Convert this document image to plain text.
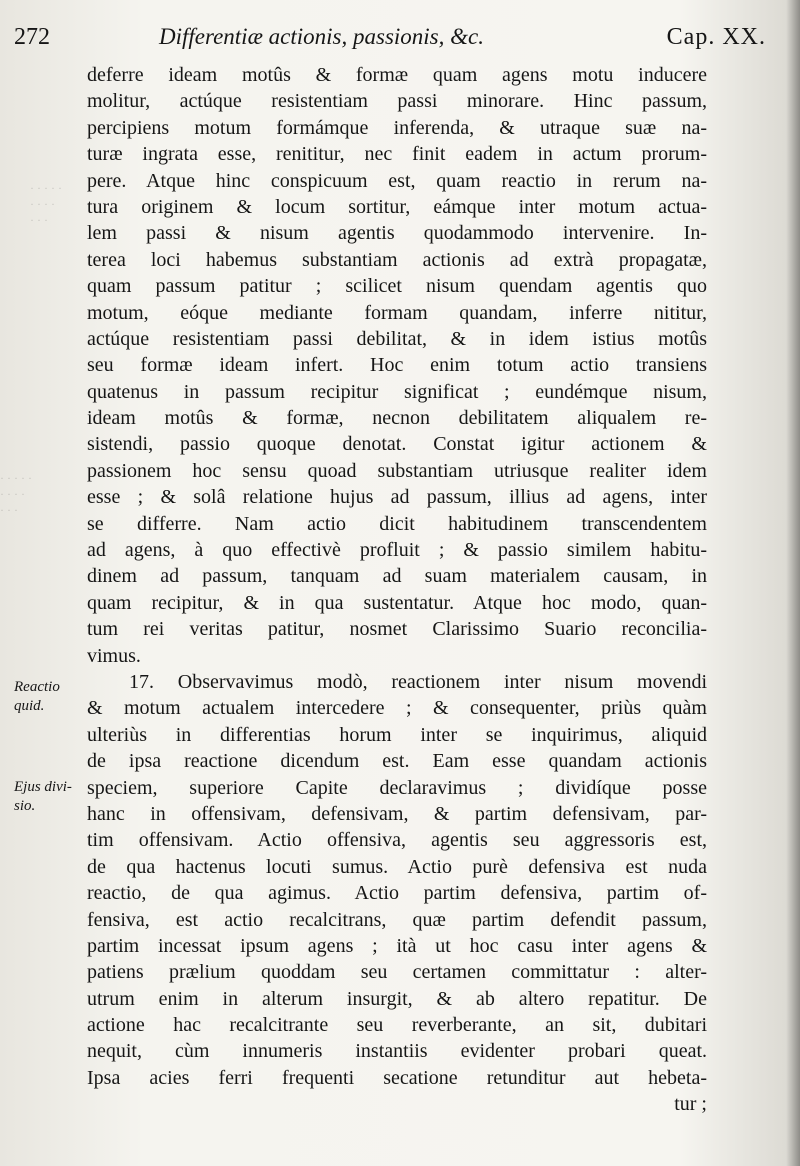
272	Differentiæ actionis, passionis, &c.	Cap. XX.
· · · · ·
· · · ·
· · ·
· · · · ·
· · · ·
· · ·
Reactio
quid.
Ejus divi-
sio.
deferre ideam motûs & formæ quam agens motu inducere
molitur, actúque resistentiam passi minorare. Hinc passum,
percipiens motum formámque inferenda, & utraque suæ na-
turæ ingrata esse, renititur, nec finit eadem in actum prorum-
pere. Atque hinc conspicuum est, quam reactio in rerum na-
tura originem & locum sortitur, eámque inter motum actua-
lem passi & nisum agentis quodammodo intervenire. In-
terea loci habemus substantiam actionis ad extrà propagatæ,
quam passum patitur ; scilicet nisum quendam agentis quo
motum, eóque mediante formam quandam, inferre nititur,
actúque resistentiam passi debilitat, & in idem istius motûs
seu formæ ideam infert. Hoc enim totum actio transiens
quatenus in passum recipitur significat ; eundémque nisum,
ideam motûs & formæ, necnon debilitatem aliqualem re-
sistendi, passio quoque denotat. Constat igitur actionem &
passionem hoc sensu quoad substantiam utriusque realiter idem
esse ; & solâ relatione hujus ad passum, illius ad agens, inter
se differre. Nam actio dicit habitudinem transcendentem
ad agens, à quo effectivè profluit ; & passio similem habitu-
dinem ad passum, tanquam ad suam materialem causam, in
quam recipitur, & in qua sustentatur. Atque hoc modo, quan-
tum rei veritas patitur, nosmet Clarissimo Suario reconcilia-
vimus.
17. Observavimus modò, reactionem inter nisum movendi
& motum actualem intercedere ; & consequenter, priùs quàm
ulteriùs in differentias horum inter se inquirimus, aliquid
de ipsa reactione dicendum est. Eam esse quandam actionis
speciem, superiore Capite declaravimus ; dividíque posse
hanc in offensivam, defensivam, & partim defensivam, par-
tim offensivam. Actio offensiva, agentis seu aggressoris est,
de qua hactenus locuti sumus. Actio purè defensiva est nuda
reactio, de qua agimus. Actio partim defensiva, partim of-
fensiva, est actio recalcitrans, quæ partim defendit passum,
partim incessat ipsum agens ; ità ut hoc casu inter agens &
patiens prælium quoddam seu certamen committatur : alter-
utrum enim in alterum insurgit, & ab altero repatitur. De
actione hac recalcitrante seu reverberante, an sit, dubitari
nequit, cùm innumeris instantiis evidenter probari queat.
Ipsa acies ferri frequenti secatione retunditur aut hebeta-
tur ;
